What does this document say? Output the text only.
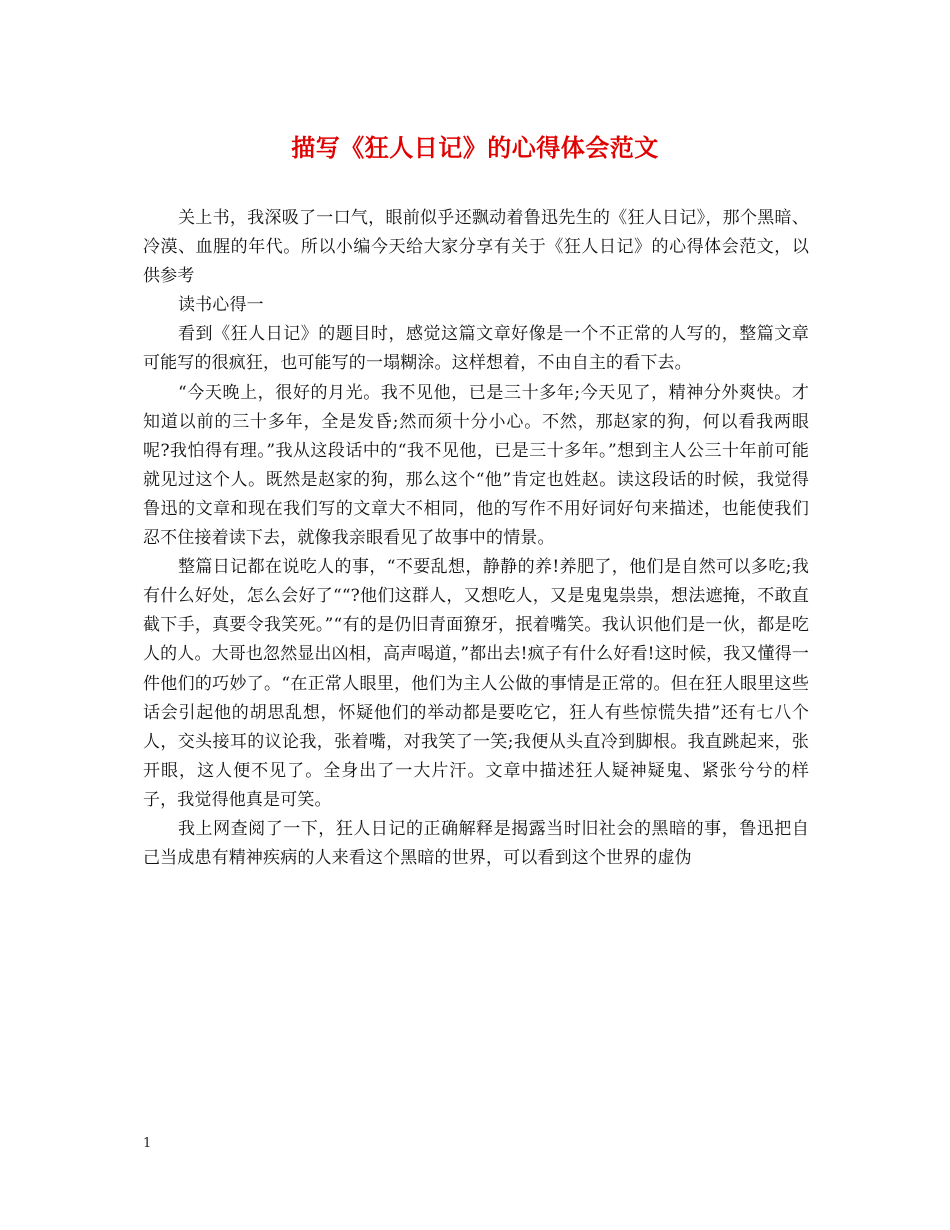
描写《狂人日记》的心得体会范文

关上书，我深吸了一口气，眼前似乎还飘动着鲁迅先生的《狂人日记》，那个黑暗、冷漠、血腥的年代。所以小编今天给大家分享有关于《狂人日记》的心得体会范文，以供参考

读书心得一

看到《狂人日记》的题目时，感觉这篇文章好像是一个不正常的人写的，整篇文章可能写的很疯狂，也可能写的一塌糊涂。这样想着，不由自主的看下去。

“今天晚上，很好的月光。我不见他，已是三十多年;今天见了，精神分外爽快。才知道以前的三十多年，全是发昏;然而须十分小心。不然，那赵家的狗，何以看我两眼呢?我怕得有理。”我从这段话中的“我不见他，已是三十多年。”想到主人公三十年前可能就见过这个人。既然是赵家的狗，那么这个“他”肯定也姓赵。读这段话的时候，我觉得鲁迅的文章和现在我们写的文章大不相同，他的写作不用好词好句来描述，也能使我们忍不住接着读下去，就像我亲眼看见了故事中的情景。

整篇日记都在说吃人的事，“不要乱想，静静的养!养肥了，他们是自然可以多吃;我有什么好处，怎么会好了““?他们这群人，又想吃人，又是鬼鬼祟祟，想法遮掩，不敢直截下手，真要令我笑死。”“有的是仍旧青面獠牙，抿着嘴笑。我认识他们是一伙，都是吃人的人。大哥也忽然显出凶相，高声喝道，”都出去!疯子有什么好看!这时候，我又懂得一件他们的巧妙了。“在正常人眼里，他们为主人公做的事情是正常的。但在狂人眼里这些话会引起他的胡思乱想，怀疑他们的举动都是要吃它，狂人有些惊慌失措”还有七八个人，交头接耳的议论我，张着嘴，对我笑了一笑;我便从头直冷到脚根。我直跳起来，张开眼，这人便不见了。全身出了一大片汗。文章中描述狂人疑神疑鬼、紧张兮兮的样子，我觉得他真是可笑。

我上网查阅了一下，狂人日记的正确解释是揭露当时旧社会的黑暗的事，鲁迅把自己当成患有精神疾病的人来看这个黑暗的世界，可以看到这个世界的虚伪

1
